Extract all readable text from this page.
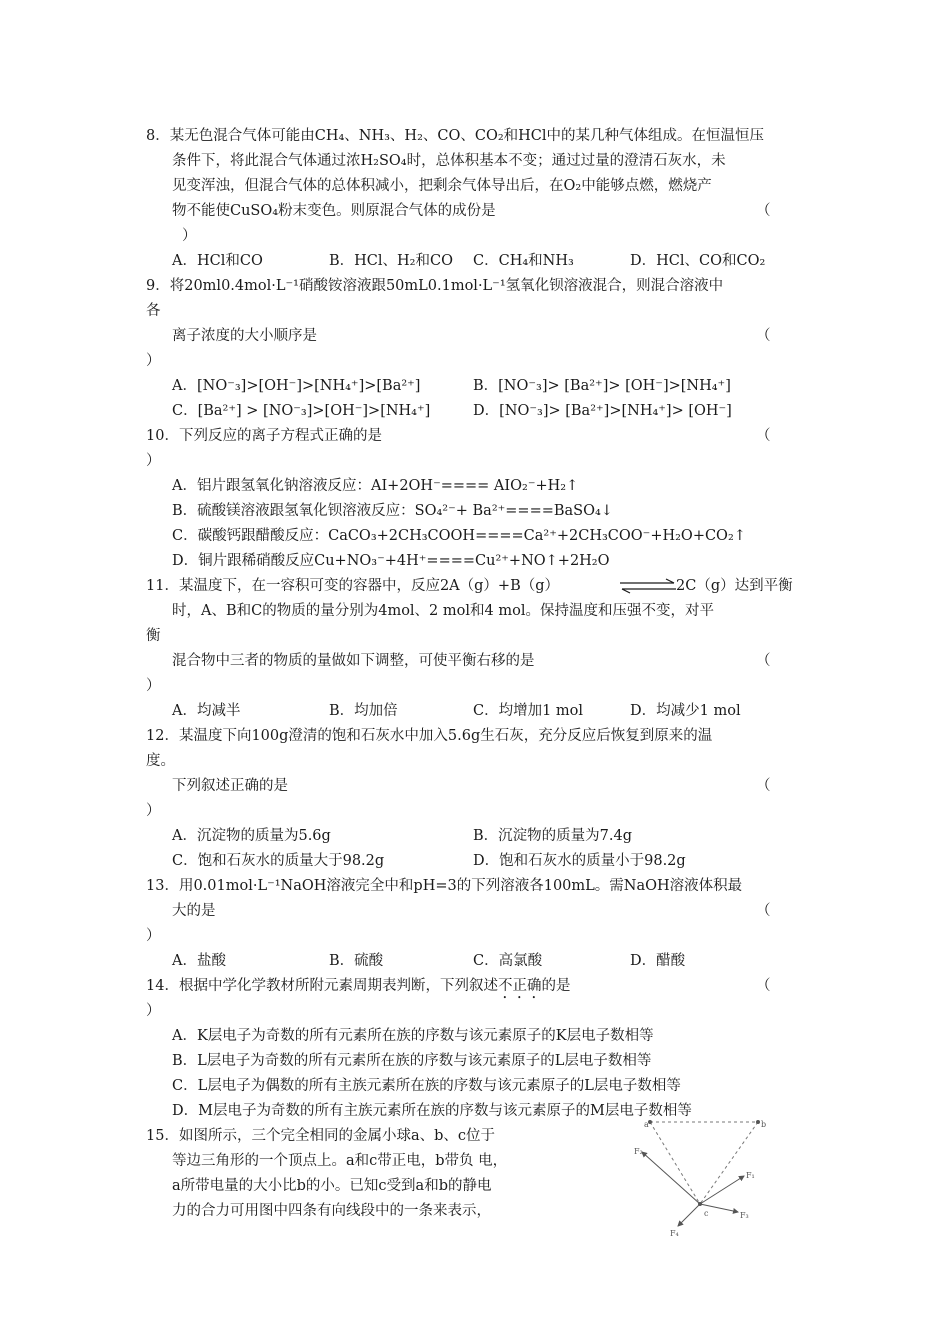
8．某无色混合气体可能由CH₄、NH₃、H₂、CO、CO₂和HCl中的某几种气体组成。在恒温恒压
条件下，将此混合气体通过浓H₂SO₄时，总体积基本不变；通过过量的澄清石灰水，未
见变浑浊，但混合气体的总体积减小，把剩余气体导出后，在O₂中能够点燃，燃烧产
物不能使CuSO₄粉末变色。则原混合气体的成份是	（
）
A．HCl和CO	B．HCl、H₂和CO C．CH₄和NH₃	D．HCl、CO和CO₂
9．将20ml0.4mol·L⁻¹硝酸铵溶液跟50mL0.1mol·L⁻¹氢氧化钡溶液混合，则混合溶液中
各
离子浓度的大小顺序是	（
）
A．[NO⁻₃]>[OH⁻]>[NH₄⁺]>[Ba²⁺]	B．[NO⁻₃]> [Ba²⁺]> [OH⁻]>[NH₄⁺]
C．[Ba²⁺] > [NO⁻₃]>[OH⁻]>[NH₄⁺]	D．[NO⁻₃]> [Ba²⁺]>[NH₄⁺]> [OH⁻]
10．下列反应的离子方程式正确的是	（
）
A．铝片跟氢氧化钠溶液反应：AI+2OH⁻==== AIO₂⁻+H₂↑
B．硫酸镁溶液跟氢氧化钡溶液反应：SO₄²⁻+ Ba²⁺====BaSO₄↓
C．碳酸钙跟醋酸反应：CaCO₃+2CH₃COOH====Ca²⁺+2CH₃COO⁻+H₂O+CO₂↑
D．铜片跟稀硝酸反应Cu+NO₃⁻+4H⁺====Cu²⁺+NO↑+2H₂O
11．某温度下，在一容积可变的容器中，反应2A（g）+B（g）	2C（g）达到平衡
时，A、B和C的物质的量分别为4mol、2 mol和4 mol。保持温度和压强不变，对平
衡
混合物中三者的物质的量做如下调整，可使平衡右移的是	（
）
A．均减半	B．均加倍	C．均增加1 mol	D．均减少1 mol
12．某温度下向100g澄清的饱和石灰水中加入5.6g生石灰，充分反应后恢复到原来的温
度。
下列叙述正确的是	（
）
A．沉淀物的质量为5.6g	B．沉淀物的质量为7.4g
C．饱和石灰水的质量大于98.2g	D．饱和石灰水的质量小于98.2g
13．用0.01mol·L⁻¹NaOH溶液完全中和pH=3的下列溶液各100mL。需NaOH溶液体积最
大的是	（
）
A．盐酸	B．硫酸	C．高氯酸	D．醋酸
14．根据中学化学教材所附元素周期表判断，下列叙述不正确的是	（
）
A．K层电子为奇数的所有元素所在族的序数与该元素原子的K层电子数相等
B．L层电子为奇数的所有元素所在族的序数与该元素原子的L层电子数相等
C．L层电子为偶数的所有主族元素所在族的序数与该元素原子的L层电子数相等
D．M层电子为奇数的所有主族元素所在族的序数与该元素原子的M层电子数相等
15．如图所示，三个完全相同的金属小球a、b、c位于
等边三角形的一个顶点上。a和c带正电，b带负 电，
a所带电量的大小比b的小。已知c受到a和b的静电
力的合力可用图中四条有向线段中的一条来表示，
a	b
c
F₂
F₁
F₃
F₄
